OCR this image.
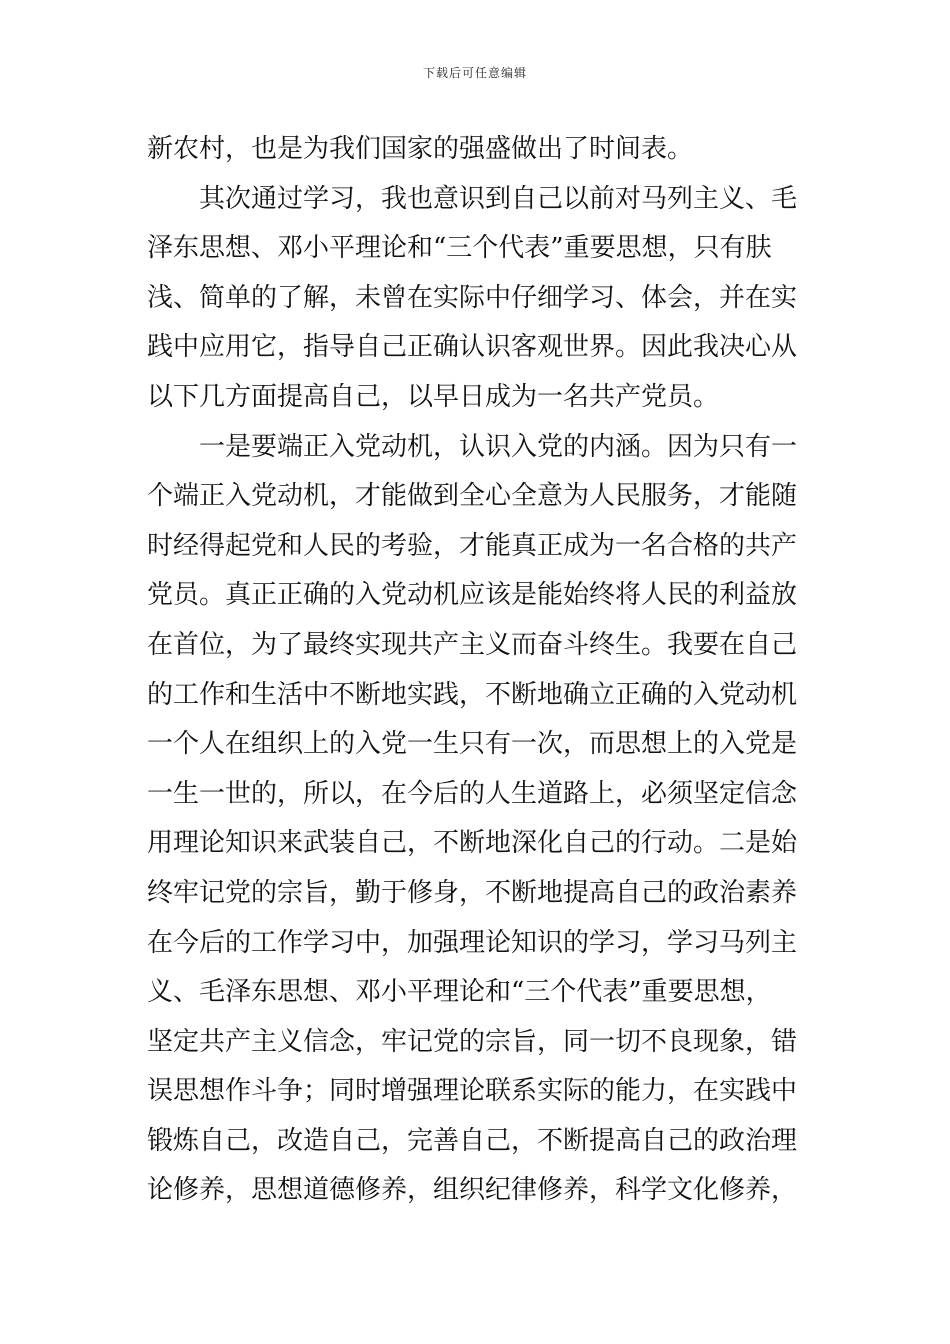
下载后可任意编辑
新农村，也是为我们国家的强盛做出了时间表。
其次通过学习，我也意识到自己以前对马列主义、毛
泽东思想、邓小平理论和“三个代表”重要思想，只有肤
浅、简单的了解，未曾在实际中仔细学习、体会，并在实
践中应用它，指导自己正确认识客观世界。因此我决心从
以下几方面提高自己，以早日成为一名共产党员。
一是要端正入党动机，认识入党的内涵。因为只有一
个端正入党动机，才能做到全心全意为人民服务，才能随
时经得起党和人民的考验，才能真正成为一名合格的共产
党员。真正正确的入党动机应该是能始终将人民的利益放
在首位，为了最终实现共产主义而奋斗终生。我要在自己
的工作和生活中不断地实践，不断地确立正确的入党动机
一个人在组织上的入党一生只有一次，而思想上的入党是
一生一世的，所以，在今后的人生道路上，必须坚定信念
用理论知识来武装自己，不断地深化自己的行动。二是始
终牢记党的宗旨，勤于修身，不断地提高自己的政治素养
在今后的工作学习中，加强理论知识的学习，学习马列主
义、毛泽东思想、邓小平理论和“三个代表”重要思想，
坚定共产主义信念，牢记党的宗旨，同一切不良现象，错
误思想作斗争；同时增强理论联系实际的能力，在实践中
锻炼自己，改造自己，完善自己，不断提高自己的政治理
论修养，思想道德修养，组织纪律修养，科学文化修养，
